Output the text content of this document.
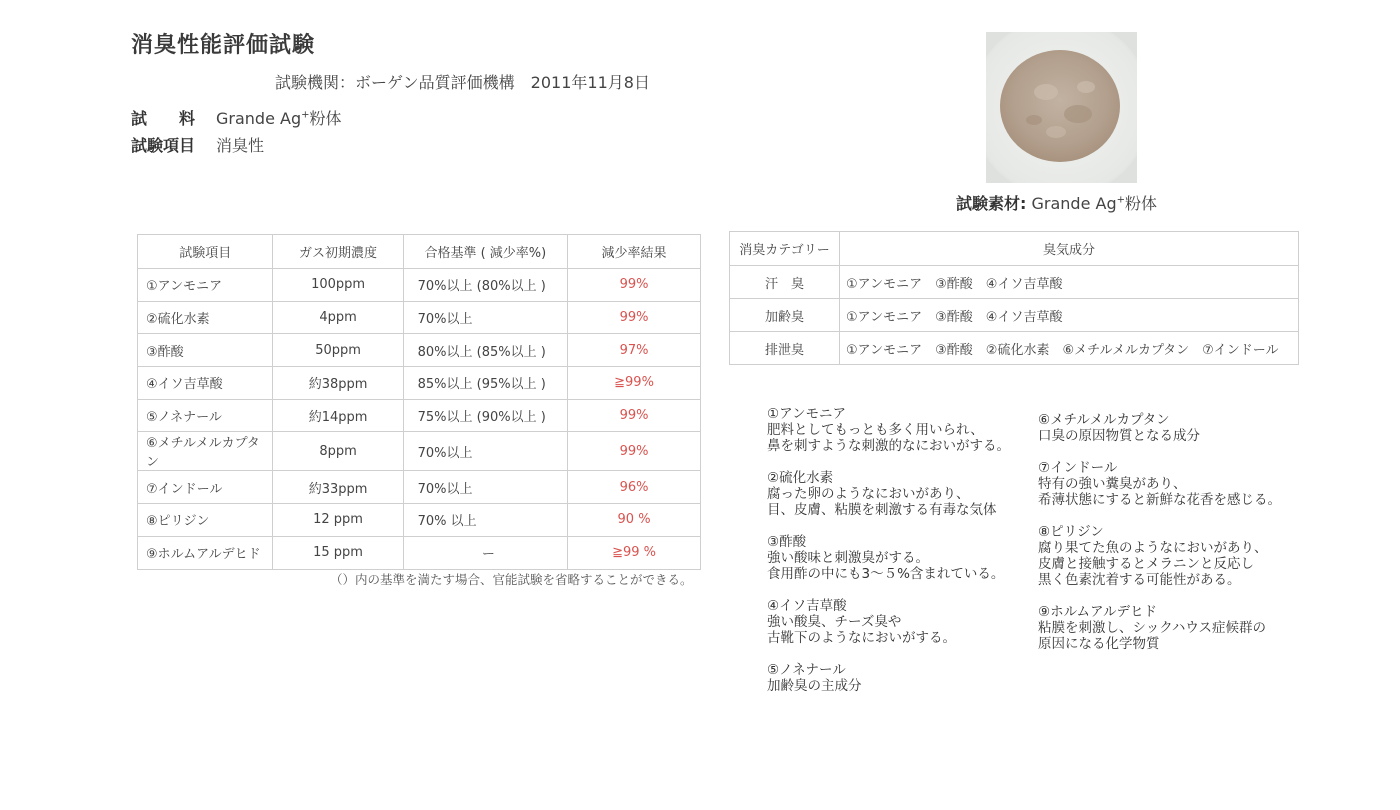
消臭性能評価試験
試験機関：ボーゲン品質評価機構　2011年11月8日
試　　料 Grande Ag+粉体
試験項目 消臭性
試験素材: Grande Ag+粉体
試験項目	ガス初期濃度	合格基準 ( 減少率%)	減少率結果
①アンモニア	100ppm	70%以上 (80%以上 )	99%
②硫化水素	4ppm	70%以上	99%
③酢酸	50ppm	80%以上 (85%以上 )	97%
④イソ吉草酸	約38ppm	85%以上 (95%以上 )	≧99%
⑤ノネナール	約14ppm	75%以上 (90%以上 )	99%
⑥メチルメルカプタン	8ppm	70%以上	99%
⑦インドール	約33ppm	70%以上	96%
⑧ピリジン	12 ppm	70% 以上	90 %
⑨ホルムアルデヒド	15 ppm	ー	≧99 %
（）内の基準を満たす場合、官能試験を省略することができる。
消臭カテゴリー	臭気成分
汗　臭	①アンモニア　③酢酸　④イソ吉草酸
加齢臭	①アンモニア　③酢酸　④イソ吉草酸
排泄臭	①アンモニア　③酢酸　②硫化水素　⑥メチルメルカプタン　⑦インドール
①アンモニア
肥料としてもっとも多く用いられ、
鼻を刺すような刺激的なにおいがする。
②硫化水素
腐った卵のようなにおいがあり、
目、皮膚、粘膜を刺激する有毒な気体
③酢酸
強い酸味と刺激臭がする。
食用酢の中にも3～５%含まれている。
④イソ吉草酸
強い酸臭、チーズ臭や
古靴下のようなにおいがする。
⑤ノネナール
加齢臭の主成分
⑥メチルメルカプタン
口臭の原因物質となる成分
⑦インドール
特有の強い糞臭があり、
希薄状態にすると新鮮な花香を感じる。
⑧ピリジン
腐り果てた魚のようなにおいがあり、
皮膚と接触するとメラニンと反応し
黒く色素沈着する可能性がある。
⑨ホルムアルデヒド
粘膜を刺激し、シックハウス症候群の
原因になる化学物質
